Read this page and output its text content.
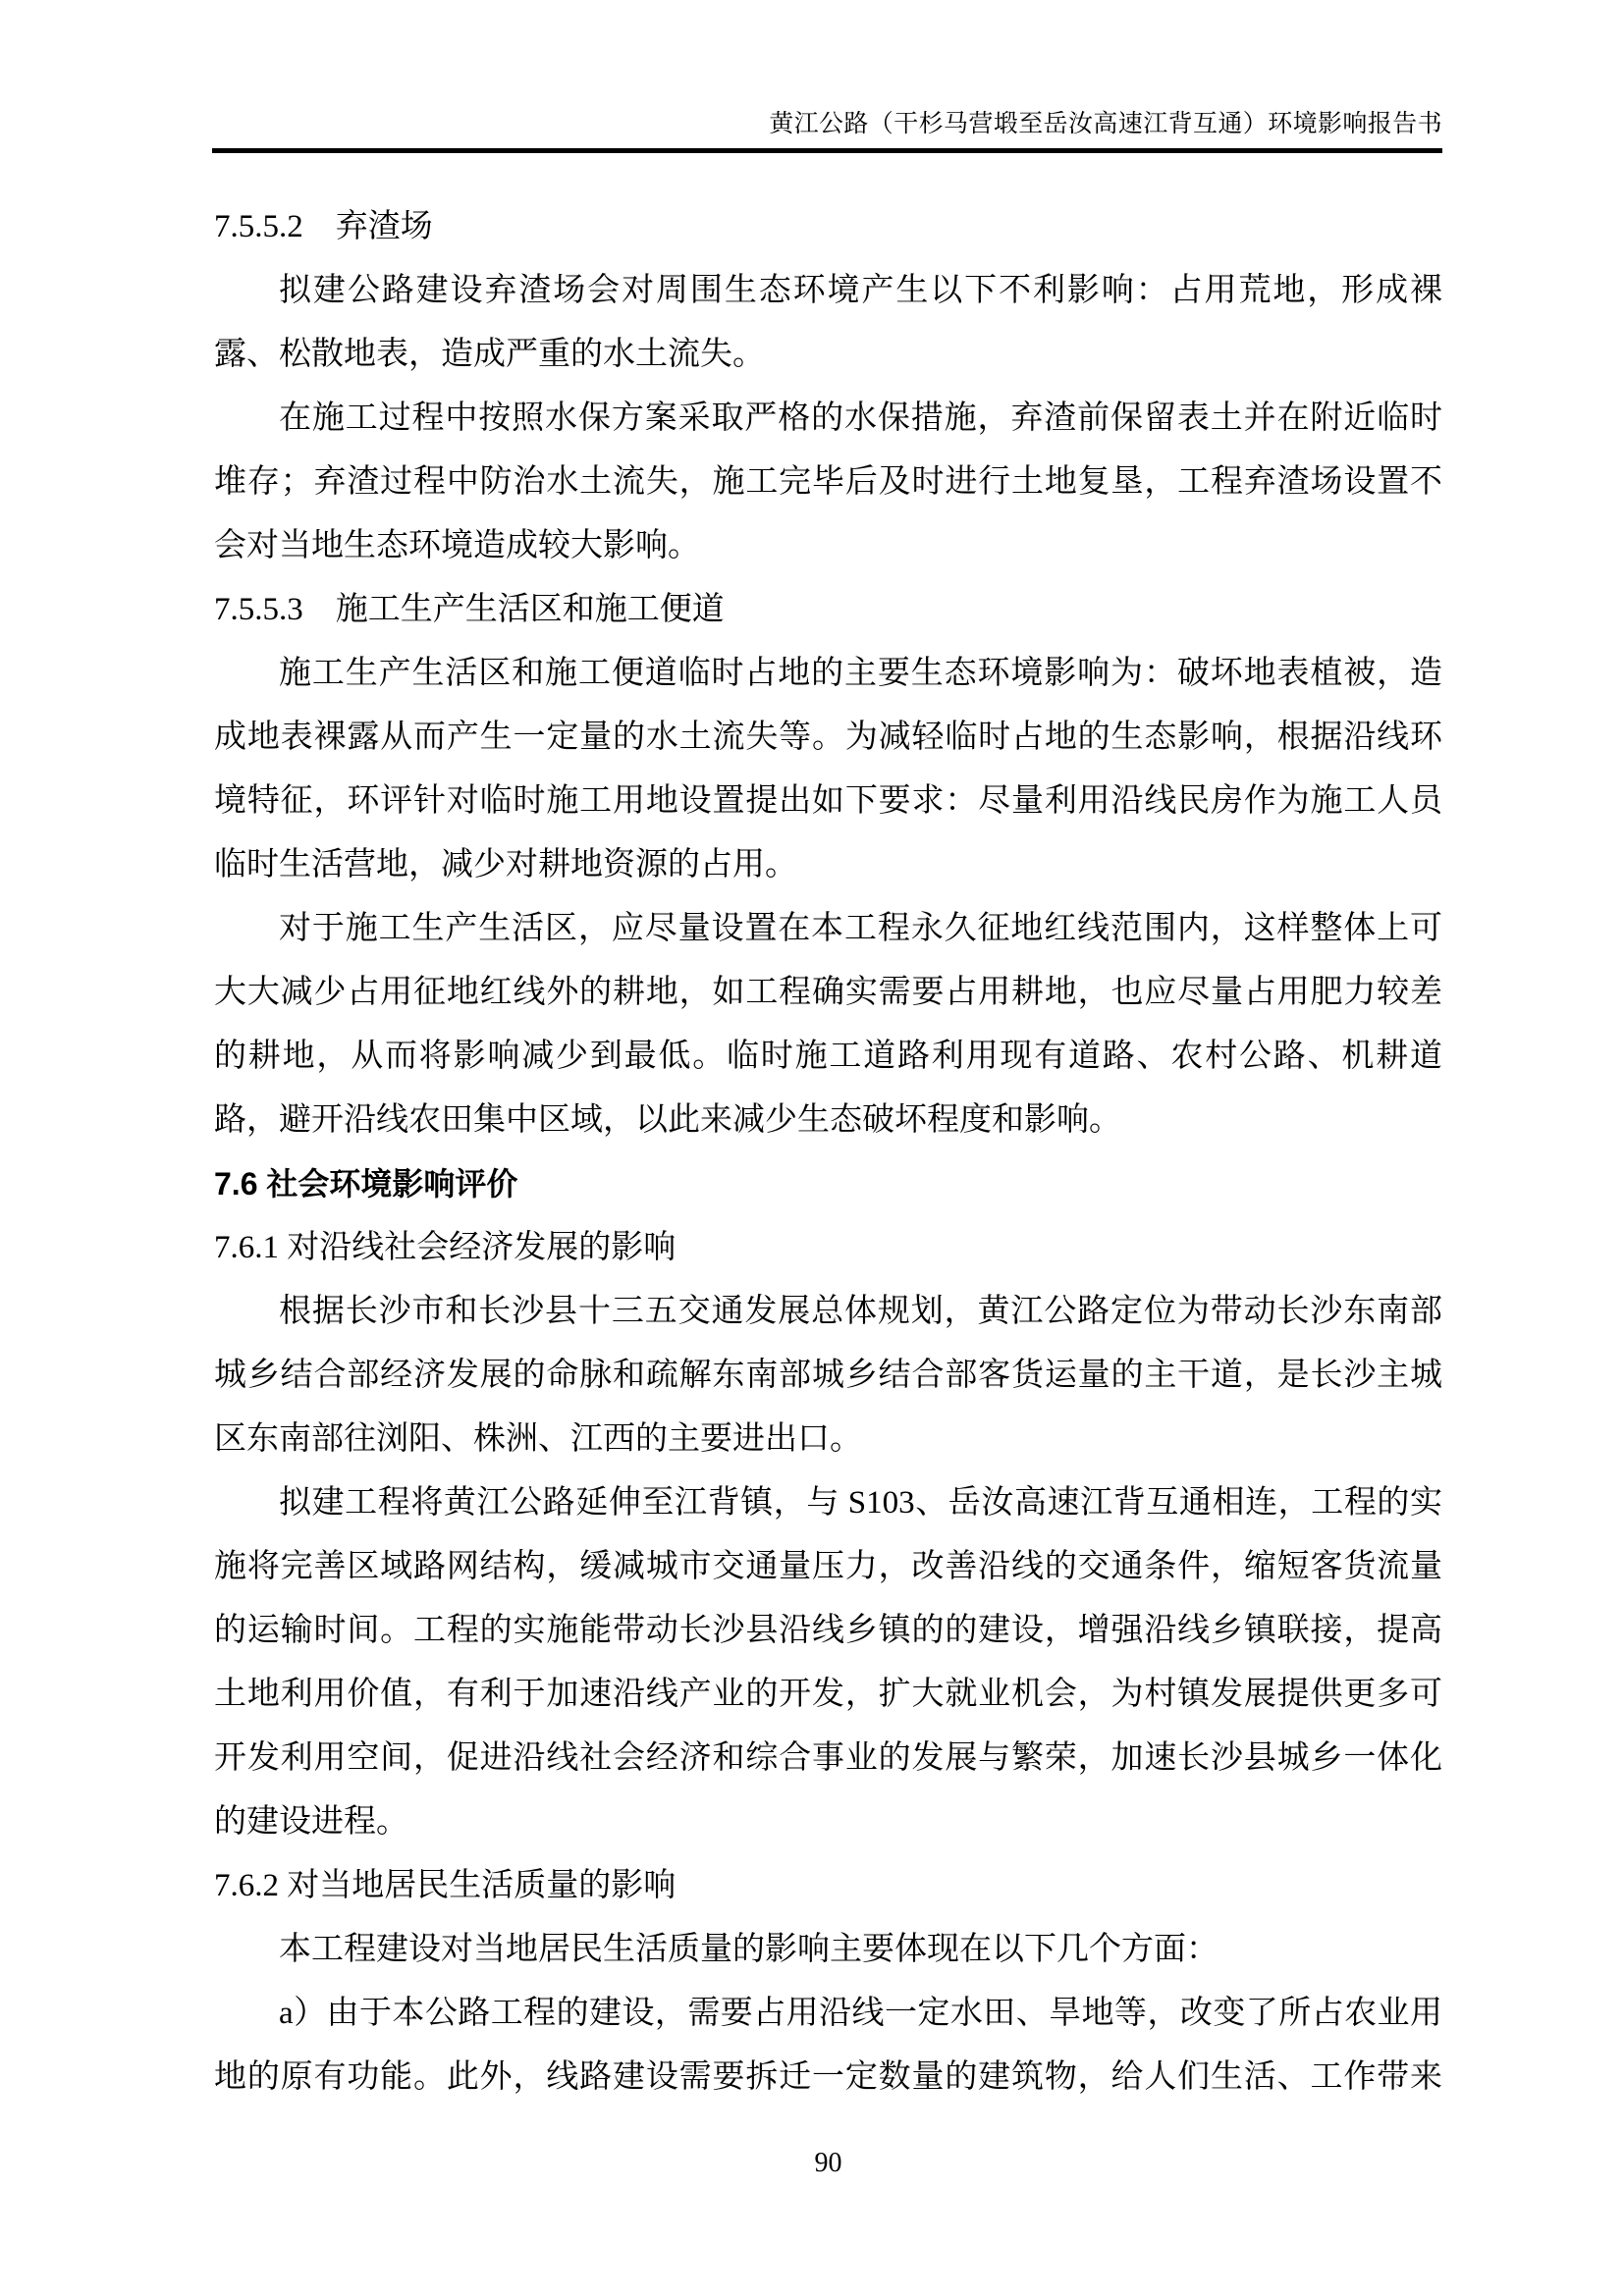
黄江公路（干杉马营塅至岳汝高速江背互通）环境影响报告书
7.5.5.2　弃渣场
拟建公路建设弃渣场会对周围生态环境产生以下不利影响：占用荒地，形成裸
露、松散地表，造成严重的水土流失。
在施工过程中按照水保方案采取严格的水保措施，弃渣前保留表土并在附近临时
堆存；弃渣过程中防治水土流失，施工完毕后及时进行土地复垦，工程弃渣场设置不
会对当地生态环境造成较大影响。
7.5.5.3　施工生产生活区和施工便道
施工生产生活区和施工便道临时占地的主要生态环境影响为：破坏地表植被，造
成地表裸露从而产生一定量的水土流失等。为减轻临时占地的生态影响，根据沿线环
境特征，环评针对临时施工用地设置提出如下要求：尽量利用沿线民房作为施工人员
临时生活营地，减少对耕地资源的占用。
对于施工生产生活区，应尽量设置在本工程永久征地红线范围内，这样整体上可
大大减少占用征地红线外的耕地，如工程确实需要占用耕地，也应尽量占用肥力较差
的耕地，从而将影响减少到最低。临时施工道路利用现有道路、农村公路、机耕道
路，避开沿线农田集中区域，以此来减少生态破坏程度和影响。
7.6 社会环境影响评价
7.6.1 对沿线社会经济发展的影响
根据长沙市和长沙县十三五交通发展总体规划，黄江公路定位为带动长沙东南部
城乡结合部经济发展的命脉和疏解东南部城乡结合部客货运量的主干道，是长沙主城
区东南部往浏阳、株洲、江西的主要进出口。
拟建工程将黄江公路延伸至江背镇，与 S103、岳汝高速江背互通相连，工程的实
施将完善区域路网结构，缓减城市交通量压力，改善沿线的交通条件，缩短客货流量
的运输时间。工程的实施能带动长沙县沿线乡镇的的建设，增强沿线乡镇联接，提高
土地利用价值，有利于加速沿线产业的开发，扩大就业机会，为村镇发展提供更多可
开发利用空间，促进沿线社会经济和综合事业的发展与繁荣，加速长沙县城乡一体化
的建设进程。
7.6.2 对当地居民生活质量的影响
本工程建设对当地居民生活质量的影响主要体现在以下几个方面：
a）由于本公路工程的建设，需要占用沿线一定水田、旱地等，改变了所占农业用
地的原有功能。此外，线路建设需要拆迁一定数量的建筑物，给人们生活、工作带来
90
